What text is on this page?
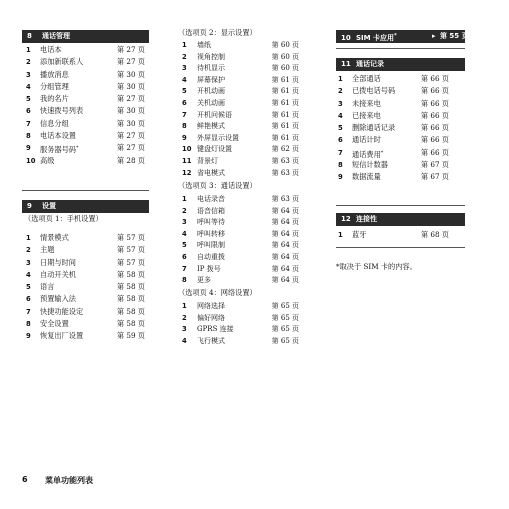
8 通话管理
1 电话本	第 27 页
2 添加新联系人	第 27 页
3 播放消息	第 30 页
4 分组管理	第 30 页
5 我的名片	第 27 页
6 快速拨号列表	第 30 页
7 信息分组	第 30 页
8 电话本设置	第 27 页
9 服务器号码*	第 27 页
10 高级	第 28 页
9 设置
（选项页 1：手机设置）
1 情景模式	第 57 页
2 主题	第 57 页
3 日期与时间	第 57 页
4 自动开关机	第 58 页
5 语言	第 58 页
6 预置输入法	第 58 页
7 快捷功能设定	第 58 页
8 安全设置	第 58 页
9 恢复出厂设置	第 59 页
（选项页 2：显示设置）
1 墙纸	第 60 页
2 视角控制	第 60 页
3 待机显示	第 60 页
4 屏幕保护	第 61 页
5 开机动画	第 61 页
6 关机动画	第 61 页
7 开机问候语	第 61 页
8 鲜艳模式	第 61 页
9 外屏显示设置	第 61 页
10 键盘灯设置	第 62 页
11 背景灯	第 63 页
12 省电模式	第 63 页
（选项页 3：通话设置）
1 电话录音	第 63 页
2 语音信箱	第 64 页
3 呼叫等待	第 64 页
4 呼叫转移	第 64 页
5 呼叫限制	第 64 页
6 自动重拨	第 64 页
7 IP 拨号	第 64 页
8 更多	第 64 页
（选项页 4：网络设置）
1 网络选择	第 65 页
2 偏好网络	第 65 页
3 GPRS 连接	第 65 页
4 飞行模式	第 65 页
10 SIM 卡应用*	▸ 第 55 页
11 通话记录
1 全部通话	第 66 页
2 已拨电话号码	第 66 页
3 未接来电	第 66 页
4 已接来电	第 66 页
5 删除通话记录	第 66 页
6 通话计时	第 66 页
7 通话费用*	第 66 页
8 短信计数器	第 67 页
9 数据流量	第 67 页
12 连接性
1 蓝牙	第 68 页
*取决于 SIM 卡的内容。
6 菜单功能列表
